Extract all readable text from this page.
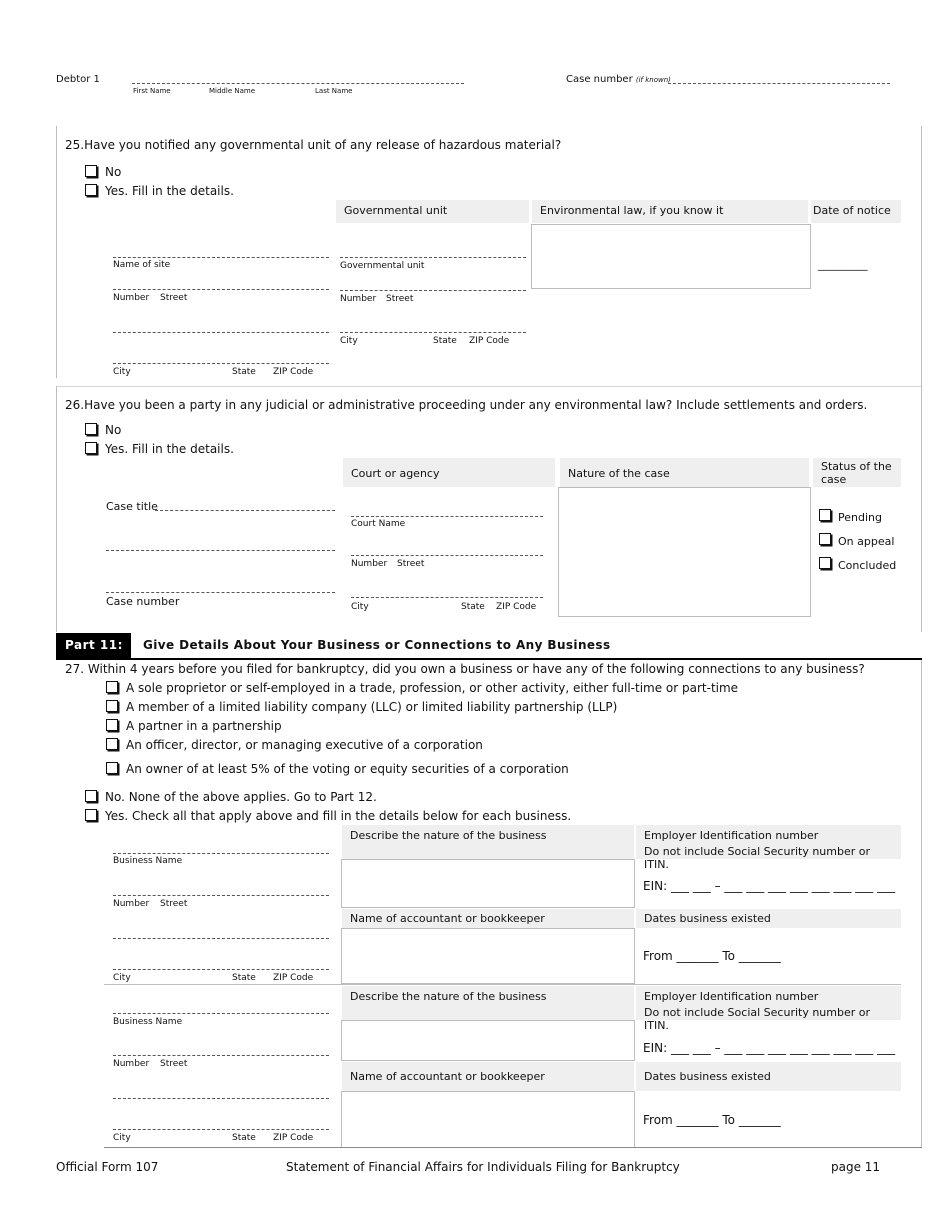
Debtor 1
First Name	Middle Name	Last Name
Case number (if known)
25.Have you notified any governmental unit of any release of hazardous material?
No
Yes. Fill in the details.
Governmental unit	Environmental law, if you know it	Date of notice
_________
Name of site
Number Street
City	State ZIP Code
Governmental unit
Number Street
City	State ZIP Code
26.Have you been a party in any judicial or administrative proceeding under any environmental law? Include settlements and orders.
No
Yes. Fill in the details.
Court or agency	Nature of the case
Status of the case
Case title
Case number
Court Name
Number Street
City	State ZIP Code
Pending
On appeal
Concluded
Part 11:	Give Details About Your Business or Connections to Any Business
27. Within 4 years before you filed for bankruptcy, did you own a business or have any of the following connections to any business?
A sole proprietor or self-employed in a trade, profession, or other activity, either full-time or part-time
A member of a limited liability company (LLC) or limited liability partnership (LLP)
A partner in a partnership
An officer, director, or managing executive of a corporation
An owner of at least 5% of the voting or equity securities of a corporation
No. None of the above applies. Go to Part 12.
Yes. Check all that apply above and fill in the details below for each business.
Business Name
Number Street
City	State ZIP Code
Describe the nature of the business
Name of accountant or bookkeeper
Employer Identification number
Do not include Social Security number or ITIN.
EIN: ___ ___ – ___ ___ ___ ___ ___ ___ ___ ___
Dates business existed
From _______ To _______
Business Name
Number Street
City	State ZIP Code
Describe the nature of the business
Name of accountant or bookkeeper
Employer Identification number
Do not include Social Security number or ITIN.
EIN: ___ ___ – ___ ___ ___ ___ ___ ___ ___ ___
Dates business existed
From _______ To _______
Official Form 107	Statement of Financial Affairs for Individuals Filing for Bankruptcy	page 11
